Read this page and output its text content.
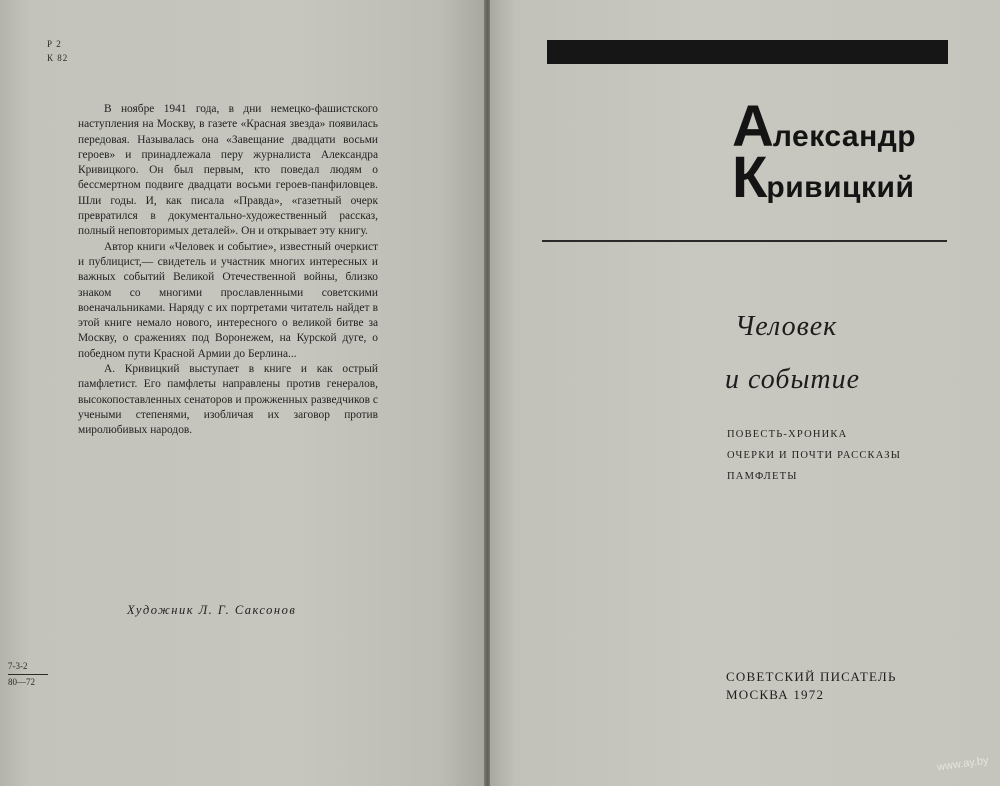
Р 2
К 82

В ноябре 1941 года, в дни немецко-фашистского наступления на Москву, в газете «Красная звезда» появилась передовая. Называлась она «Завещание двадцати восьми героев» и принадлежала перу журналиста Александра Кривицкого. Он был первым, кто поведал людям о бессмертном подвиге двадцати восьми героев-панфиловцев. Шли годы. И, как писала «Правда», «газетный очерк превратился в документально-художественный рассказ, полный неповторимых деталей». Он и открывает эту книгу.

Автор книги «Человек и событие», известный очеркист и публицист,— свидетель и участник многих интересных и важных событий Великой Отечественной войны, близко знаком со многими прославленными советскими военачальниками. Наряду с их портретами читатель найдет в этой книге немало нового, интересного о великой битве за Москву, о сражениях под Воронежем, на Курской дуге, о победном пути Красной Армии до Берлина...

А. Кривицкий выступает в книге и как острый памфлетист. Его памфлеты направлены против генералов, высокопоставленных сенаторов и прожженных разведчиков с учеными степенями, изобличая их заговор против миролюбивых народов.

Художник Л. Г. Саксонов
7-3-2
80—72
Александр
Кривицкий
Человек
и событие
ПОВЕСТЬ-ХРОНИКА
ОЧЕРКИ И ПОЧТИ РАССКАЗЫ
ПАМФЛЕТЫ
СОВЕТСКИЙ ПИСАТЕЛЬ
МОСКВА 1972
www.ay.by
